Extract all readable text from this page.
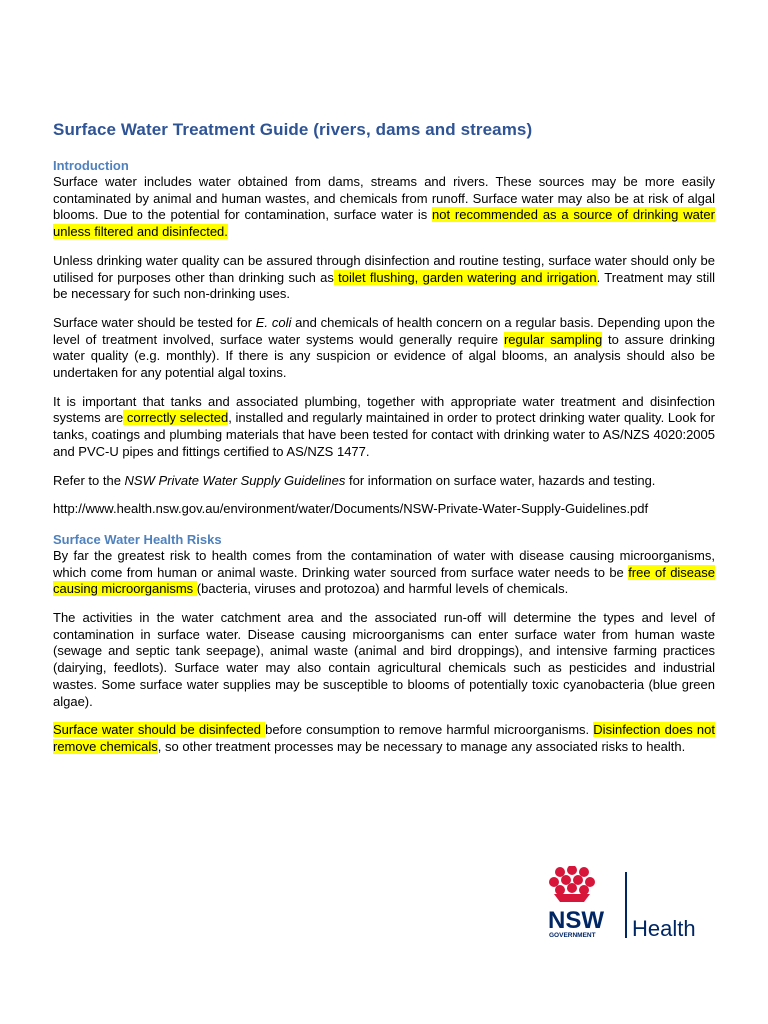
Surface Water Treatment Guide (rivers, dams and streams)
Introduction

Surface water includes water obtained from dams, streams and rivers. These sources may be more easily contaminated by animal and human wastes, and chemicals from runoff. Surface water may also be at risk of algal blooms. Due to the potential for contamination, surface water is not recommended as a source of drinking water unless filtered and disinfected.

Unless drinking water quality can be assured through disinfection and routine testing, surface water should only be utilised for purposes other than drinking such as toilet flushing, garden watering and irrigation. Treatment may still be necessary for such non-drinking uses.

Surface water should be tested for E. coli and chemicals of health concern on a regular basis. Depending upon the level of treatment involved, surface water systems would generally require regular sampling to assure drinking water quality (e.g. monthly). If there is any suspicion or evidence of algal blooms, an analysis should also be undertaken for any potential algal toxins.

It is important that tanks and associated plumbing, together with appropriate water treatment and disinfection systems are correctly selected, installed and regularly maintained in order to protect drinking water quality. Look for tanks, coatings and plumbing materials that have been tested for contact with drinking water to AS/NZS 4020:2005 and PVC-U pipes and fittings certified to AS/NZS 1477.

Refer to the NSW Private Water Supply Guidelines for information on surface water, hazards and testing.

http://www.health.nsw.gov.au/environment/water/Documents/NSW-Private-Water-Supply-Guidelines.pdf

Surface Water Health Risks

By far the greatest risk to health comes from the contamination of water with disease causing microorganisms, which come from human or animal waste. Drinking water sourced from surface water needs to be free of disease causing microorganisms (bacteria, viruses and protozoa) and harmful levels of chemicals.

The activities in the water catchment area and the associated run-off will determine the types and level of contamination in surface water. Disease causing microorganisms can enter surface water from human waste (sewage and septic tank seepage), animal waste (animal and bird droppings), and intensive farming practices (dairying, feedlots). Surface water may also contain agricultural chemicals such as pesticides and industrial wastes. Some surface water supplies may be susceptible to blooms of potentially toxic cyanobacteria (blue green algae).

Surface water should be disinfected before consumption to remove harmful microorganisms. Disinfection does not remove chemicals, so other treatment processes may be necessary to manage any associated risks to health.

NSW
GOVERNMENT Health
